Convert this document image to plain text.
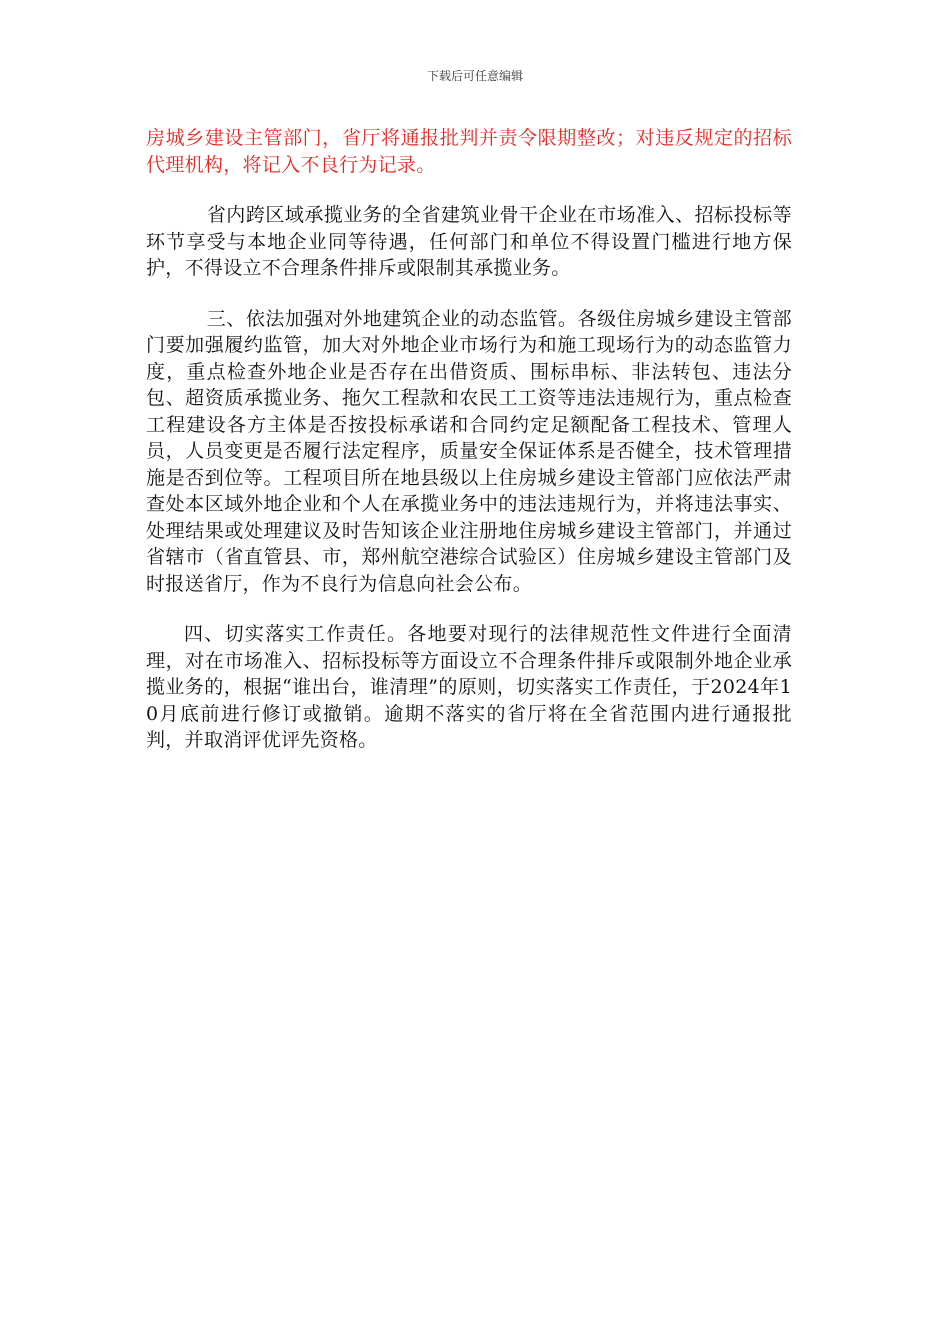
下载后可任意编辑

房城乡建设主管部门，省厅将通报批判并责令限期整改；对违反规定的招标代理机构，将记入不良行为记录。

省内跨区域承揽业务的全省建筑业骨干企业在市场准入、招标投标等环节享受与本地企业同等待遇，任何部门和单位不得设置门槛进行地方保护，不得设立不合理条件排斥或限制其承揽业务。

三、依法加强对外地建筑企业的动态监管。各级住房城乡建设主管部门要加强履约监管，加大对外地企业市场行为和施工现场行为的动态监管力度，重点检查外地企业是否存在出借资质、围标串标、非法转包、违法分包、超资质承揽业务、拖欠工程款和农民工工资等违法违规行为，重点检查工程建设各方主体是否按投标承诺和合同约定足额配备工程技术、管理人员，人员变更是否履行法定程序，质量安全保证体系是否健全，技术管理措施是否到位等。工程项目所在地县级以上住房城乡建设主管部门应依法严肃查处本区域外地企业和个人在承揽业务中的违法违规行为，并将违法事实、处理结果或处理建议及时告知该企业注册地住房城乡建设主管部门，并通过省辖市（省直管县、市，郑州航空港综合试验区）住房城乡建设主管部门及时报送省厅，作为不良行为信息向社会公布。

四、切实落实工作责任。各地要对现行的法律规范性文件进行全面清理，对在市场准入、招标投标等方面设立不合理条件排斥或限制外地企业承揽业务的，根据“谁出台，谁清理”的原则，切实落实工作责任，于2024年10月底前进行修订或撤销。逾期不落实的省厅将在全省范围内进行通报批判，并取消评优评先资格。
